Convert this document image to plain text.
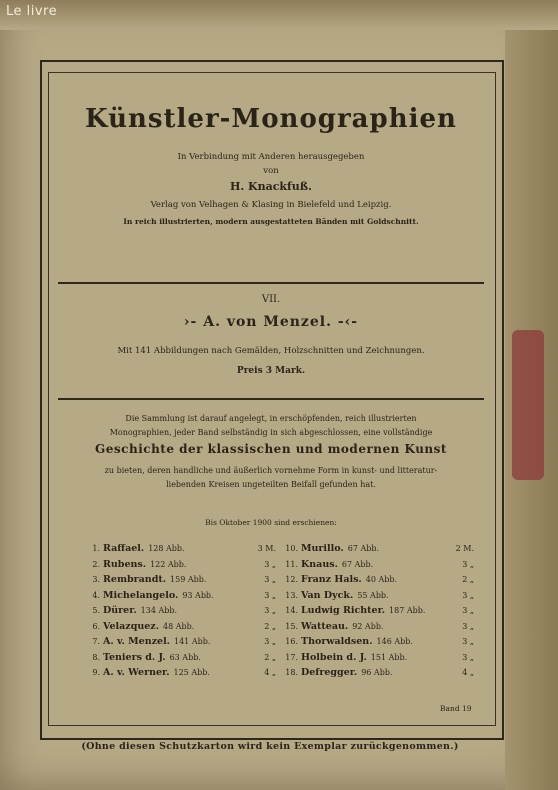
Le livre
Künstler-Monographien
In Verbindung mit Anderen herausgegeben
von
H. Knackfuß.
Verlag von Velhagen & Klasing in Bielefeld und Leipzig.
In reich illustrierten, modern ausgestatteten Bänden mit Goldschnitt.
VII.
›- A. von Menzel. -‹-
Mit 141 Abbildungen nach Gemälden, Holzschnitten und Zeichnungen.
Preis 3 Mark.
Die Sammlung ist darauf angelegt, in erschöpfenden, reich illustrierten
Monographien, jeder Band selbständig in sich abgeschlossen, eine vollständige
Geschichte der klassischen und modernen Kunst
zu bieten, deren handliche und äußerlich vornehme Form in kunst- und litteratur-
liebenden Kreisen ungeteilten Beifall gefunden hat.
Bis Oktober 1900 sind erschienen:
1. Raffael. 128 Abb.	3 M.
2. Rubens. 122 Abb.	3 „
3. Rembrandt. 159 Abb.	3 „
4. Michelangelo. 93 Abb.	3 „
5. Dürer. 134 Abb.	3 „
6. Velazquez. 48 Abb.	2 „
7. A. v. Menzel. 141 Abb.	3 „
8. Teniers d. J. 63 Abb.	2 „
9. A. v. Werner. 125 Abb.	4 „
10. Murillo. 67 Abb.	2 M.
11. Knaus. 67 Abb.	3 „
12. Franz Hals. 40 Abb.	2 „
13. Van Dyck. 55 Abb.	3 „
14. Ludwig Richter. 187 Abb.	3 „
15. Watteau. 92 Abb.	3 „
16. Thorwaldsen. 146 Abb.	3 „
17. Holbein d. J. 151 Abb.	3 „
18. Defregger. 96 Abb.	4 „
Band 19
(Ohne diesen Schutzkarton wird kein Exemplar zurückgenommen.)
